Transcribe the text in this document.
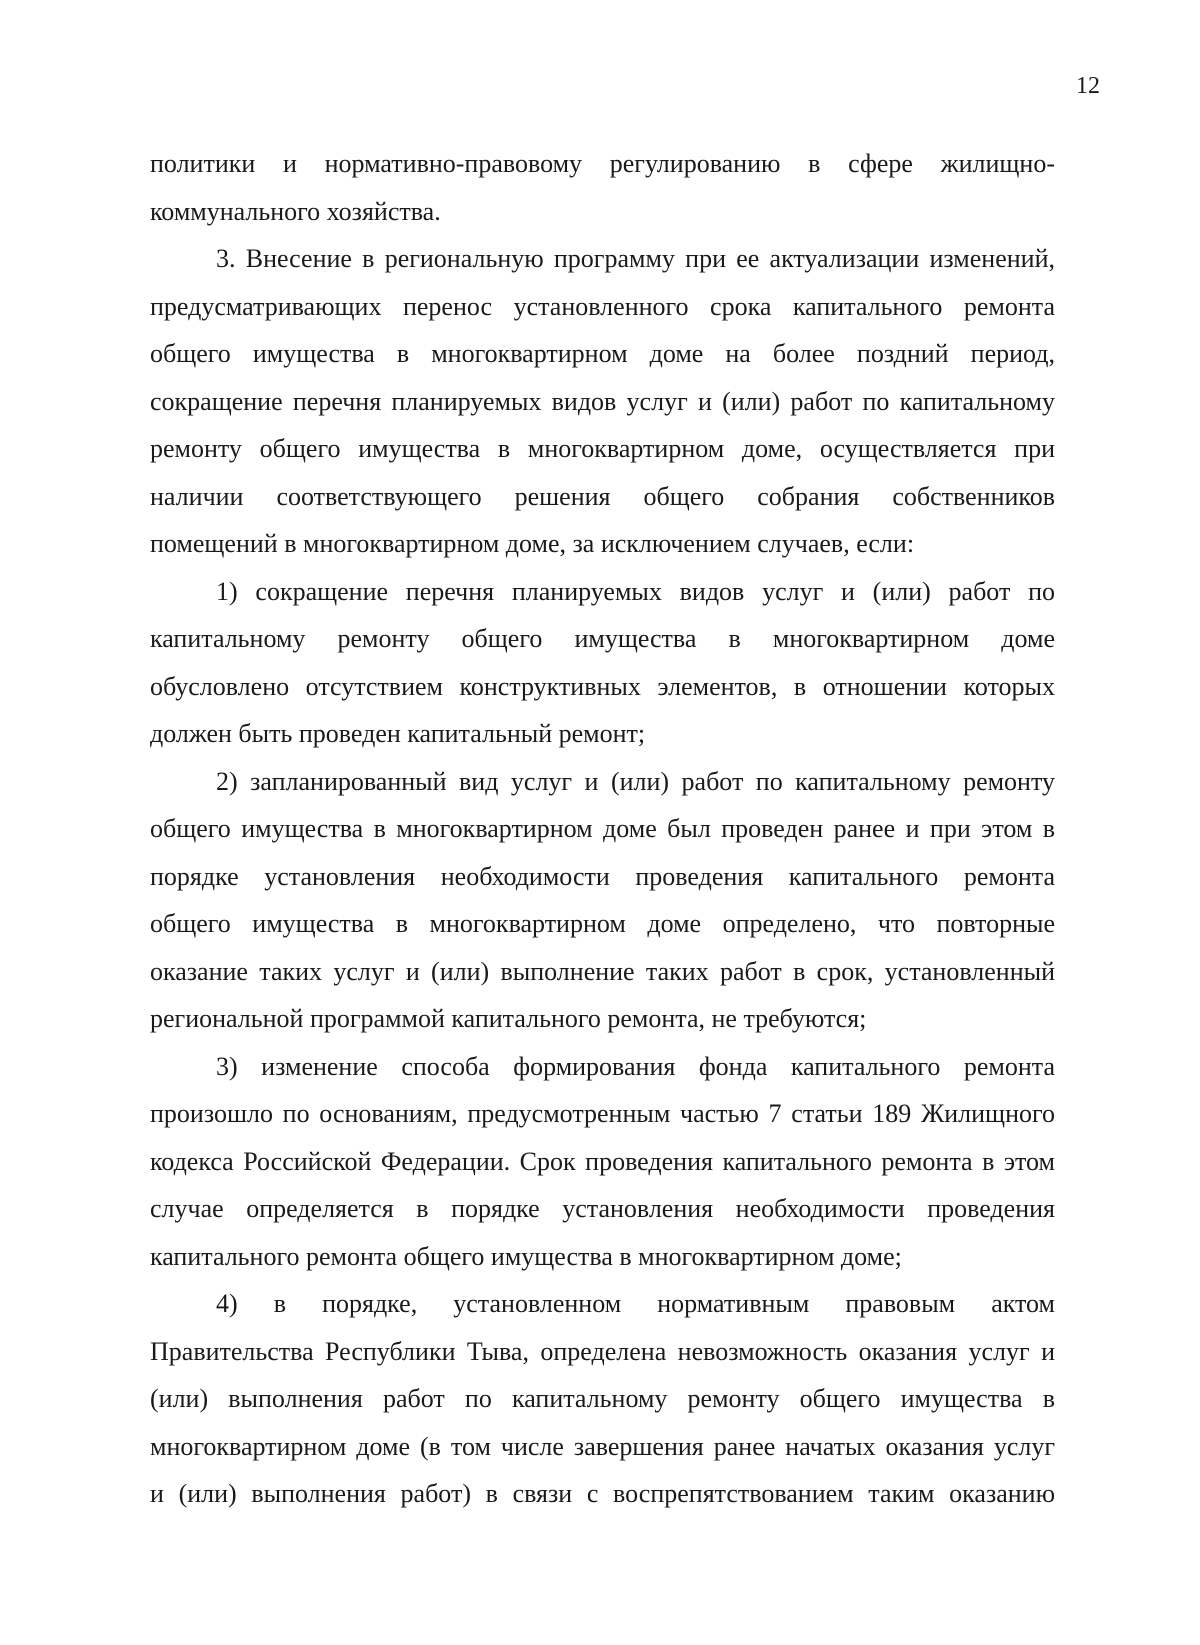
12
политики и нормативно-правовому регулированию в сфере жилищно-
коммунального хозяйства.
3. Внесение в региональную программу при ее актуализации изменений,
предусматривающих перенос установленного срока капитального ремонта
общего имущества в многоквартирном доме на более поздний период,
сокращение перечня планируемых видов услуг и (или) работ по капитальному
ремонту общего имущества в многоквартирном доме, осуществляется при
наличии соответствующего решения общего собрания собственников
помещений в многоквартирном доме, за исключением случаев, если:
1) сокращение перечня планируемых видов услуг и (или) работ по
капитальному ремонту общего имущества в многоквартирном доме
обусловлено отсутствием конструктивных элементов, в отношении которых
должен быть проведен капитальный ремонт;
2) запланированный вид услуг и (или) работ по капитальному ремонту
общего имущества в многоквартирном доме был проведен ранее и при этом в
порядке установления необходимости проведения капитального ремонта
общего имущества в многоквартирном доме определено, что повторные
оказание таких услуг и (или) выполнение таких работ в срок, установленный
региональной программой капитального ремонта, не требуются;
3) изменение способа формирования фонда капитального ремонта
произошло по основаниям, предусмотренным частью 7 статьи 189 Жилищного
кодекса Российской Федерации. Срок проведения капитального ремонта в этом
случае определяется в порядке установления необходимости проведения
капитального ремонта общего имущества в многоквартирном доме;
4) в порядке, установленном нормативным правовым актом
Правительства Республики Тыва, определена невозможность оказания услуг и
(или) выполнения работ по капитальному ремонту общего имущества в
многоквартирном доме (в том числе завершения ранее начатых оказания услуг
и (или) выполнения работ) в связи с воспрепятствованием таким оказанию
